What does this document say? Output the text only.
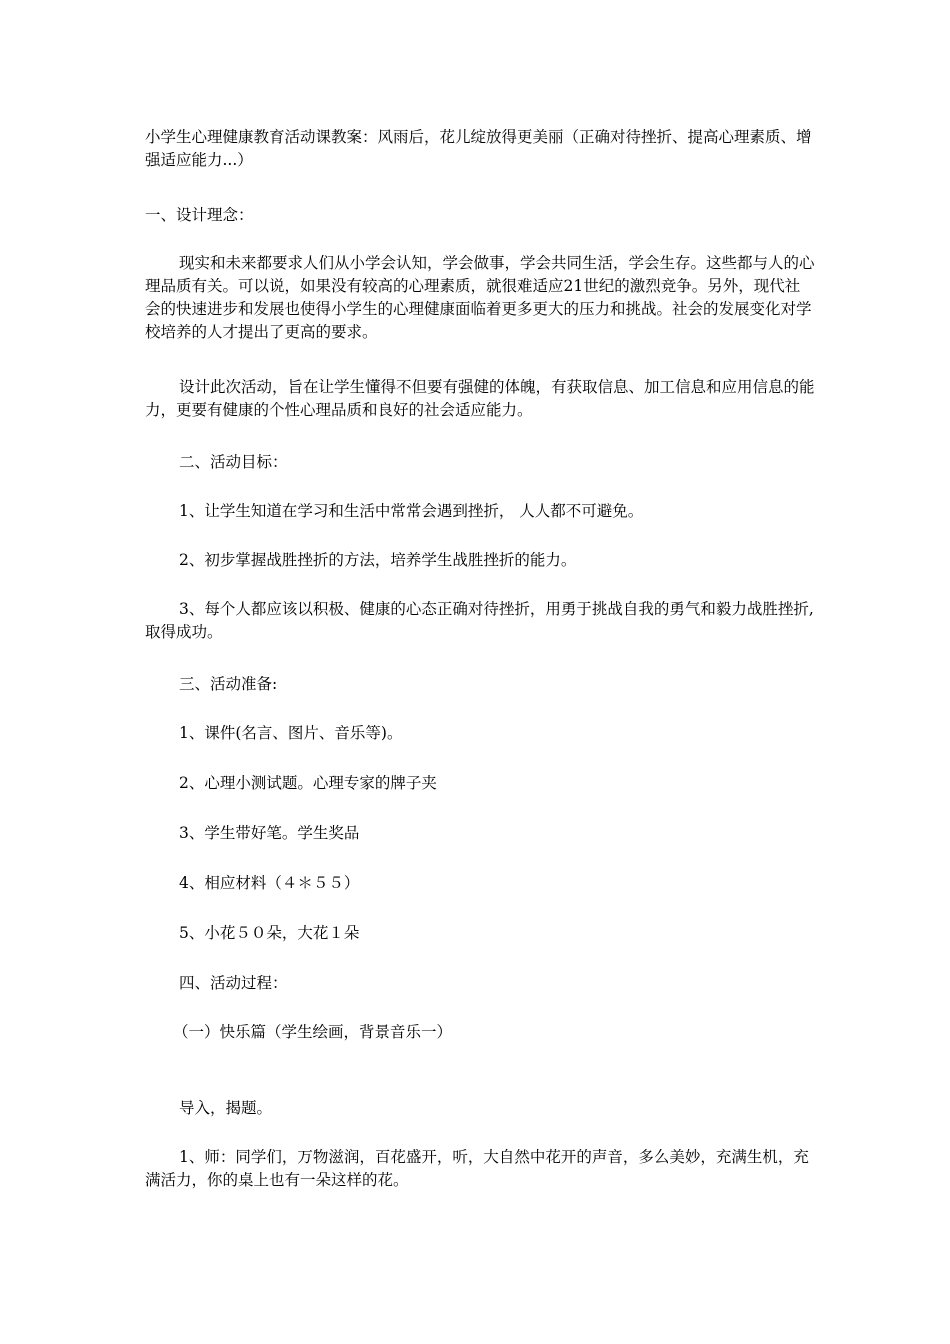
小学生心理健康教育活动课教案：风雨后，花儿绽放得更美丽（正确对待挫折、提高心理素质、增强适应能力...）

一、设计理念：

现实和未来都要求人们从小学会认知，学会做事，学会共同生活，学会生存。这些都与人的心理品质有关。可以说，如果没有较高的心理素质，就很难适应21世纪的激烈竞争。另外，现代社会的快速进步和发展也使得小学生的心理健康面临着更多更大的压力和挑战。社会的发展变化对学校培养的人才提出了更高的要求。

设计此次活动，旨在让学生懂得不但要有强健的体魄，有获取信息、加工信息和应用信息的能力，更要有健康的个性心理品质和良好的社会适应能力。

二、活动目标：

1、让学生知道在学习和生活中常常会遇到挫折， 人人都不可避免。

2、初步掌握战胜挫折的方法，培养学生战胜挫折的能力。

3、每个人都应该以积极、健康的心态正确对待挫折，用勇于挑战自我的勇气和毅力战胜挫折,取得成功。

三、活动准备:

1、课件(名言、图片、音乐等)。

2、心理小测试题。心理专家的牌子夹

3、学生带好笔。学生奖品

4、相应材料（４＊５５）

5、小花５０朵，大花１朵

四、活动过程：

（一）快乐篇（学生绘画，背景音乐一）

导入，揭题。

1、师：同学们，万物滋润，百花盛开，听，大自然中花开的声音，多么美妙，充满生机，充满活力，你的桌上也有一朵这样的花。
